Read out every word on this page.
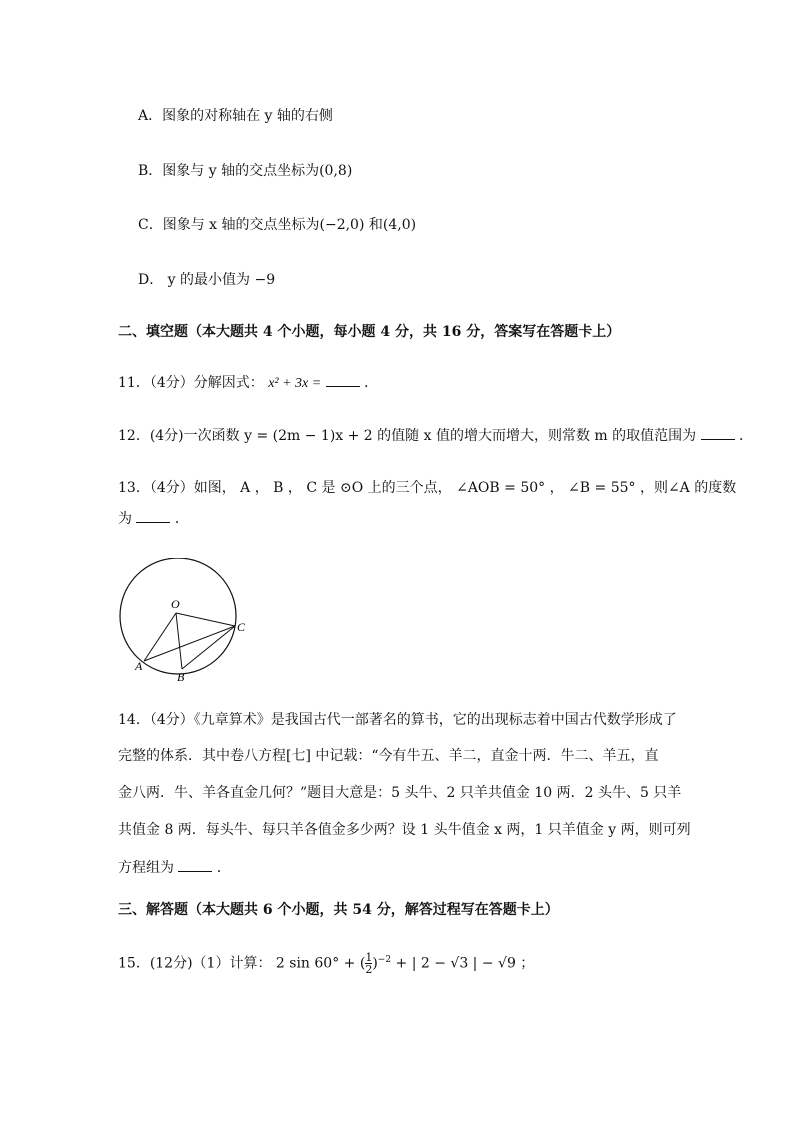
A．图象的对称轴在 y 轴的右侧
B．图象与 y 轴的交点坐标为(0,8)
C．图象与 x 轴的交点坐标为(−2,0) 和(4,0)
D． y 的最小值为 −9
二、填空题（本大题共 4 个小题，每小题 4 分，共 16 分，答案写在答题卡上）
11．（4分）分解因式： x² + 3x =	．
12．(4分)一次函数 y = (2m − 1)x + 2 的值随 x 值的增大而增大，则常数 m 的取值范围为	．
13．（4分）如图， A ， B ， C 是 ⊙O 上的三个点， ∠AOB = 50° ， ∠B = 55° ，则∠A 的度数
为	．
O
A
B
C
14．（4分）《九章算术》是我国古代一部著名的算书，它的出现标志着中国古代数学形成了
完整的体系．其中卷八方程[七] 中记载：“今有牛五、羊二，直金十两．牛二、羊五，直
金八两．牛、羊各直金几何？”题目大意是：5 头牛、2 只羊共值金 10 两．2 头牛、5 只羊
共值金 8 两．每头牛、每只羊各值金多少两？设 1 头牛值金 x 两，1 只羊值金 y 两，则可列
方程组为	．
三、解答题（本大题共 6 个小题，共 54 分，解答过程写在答题卡上）
15．(12分)（1）计算： 2 sin 60° + ( $\frac{1}{2} )^{-2}$ + | 2 − √3 | − √9 ；
